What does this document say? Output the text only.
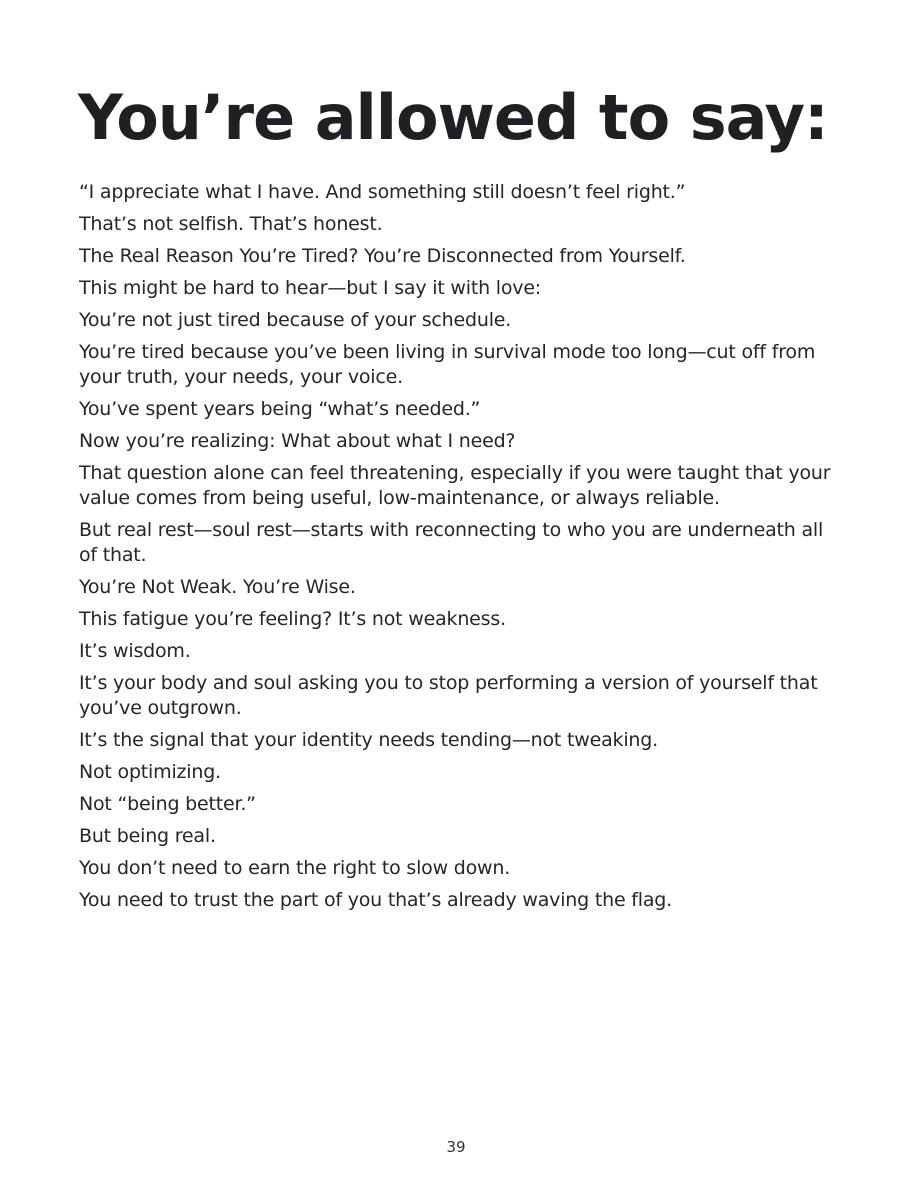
You’re allowed to say:

“I appreciate what I have. And something still doesn’t feel right.”

That’s not selfish. That’s honest.

The Real Reason You’re Tired? You’re Disconnected from Yourself.

This might be hard to hear—but I say it with love:

You’re not just tired because of your schedule.

You’re tired because you’ve been living in survival mode too long—cut off from your truth, your needs, your voice.

You’ve spent years being “what’s needed.”

Now you’re realizing: What about what I need?

That question alone can feel threatening, especially if you were taught that your value comes from being useful, low-maintenance, or always reliable.

But real rest—soul rest—starts with reconnecting to who you are underneath all of that.

You’re Not Weak. You’re Wise.

This fatigue you’re feeling? It’s not weakness.

It’s wisdom.

It’s your body and soul asking you to stop performing a version of yourself that you’ve outgrown.

It’s the signal that your identity needs tending—not tweaking.

Not optimizing.

Not “being better.”

But being real.

You don’t need to earn the right to slow down.

You need to trust the part of you that’s already waving the flag.

39
